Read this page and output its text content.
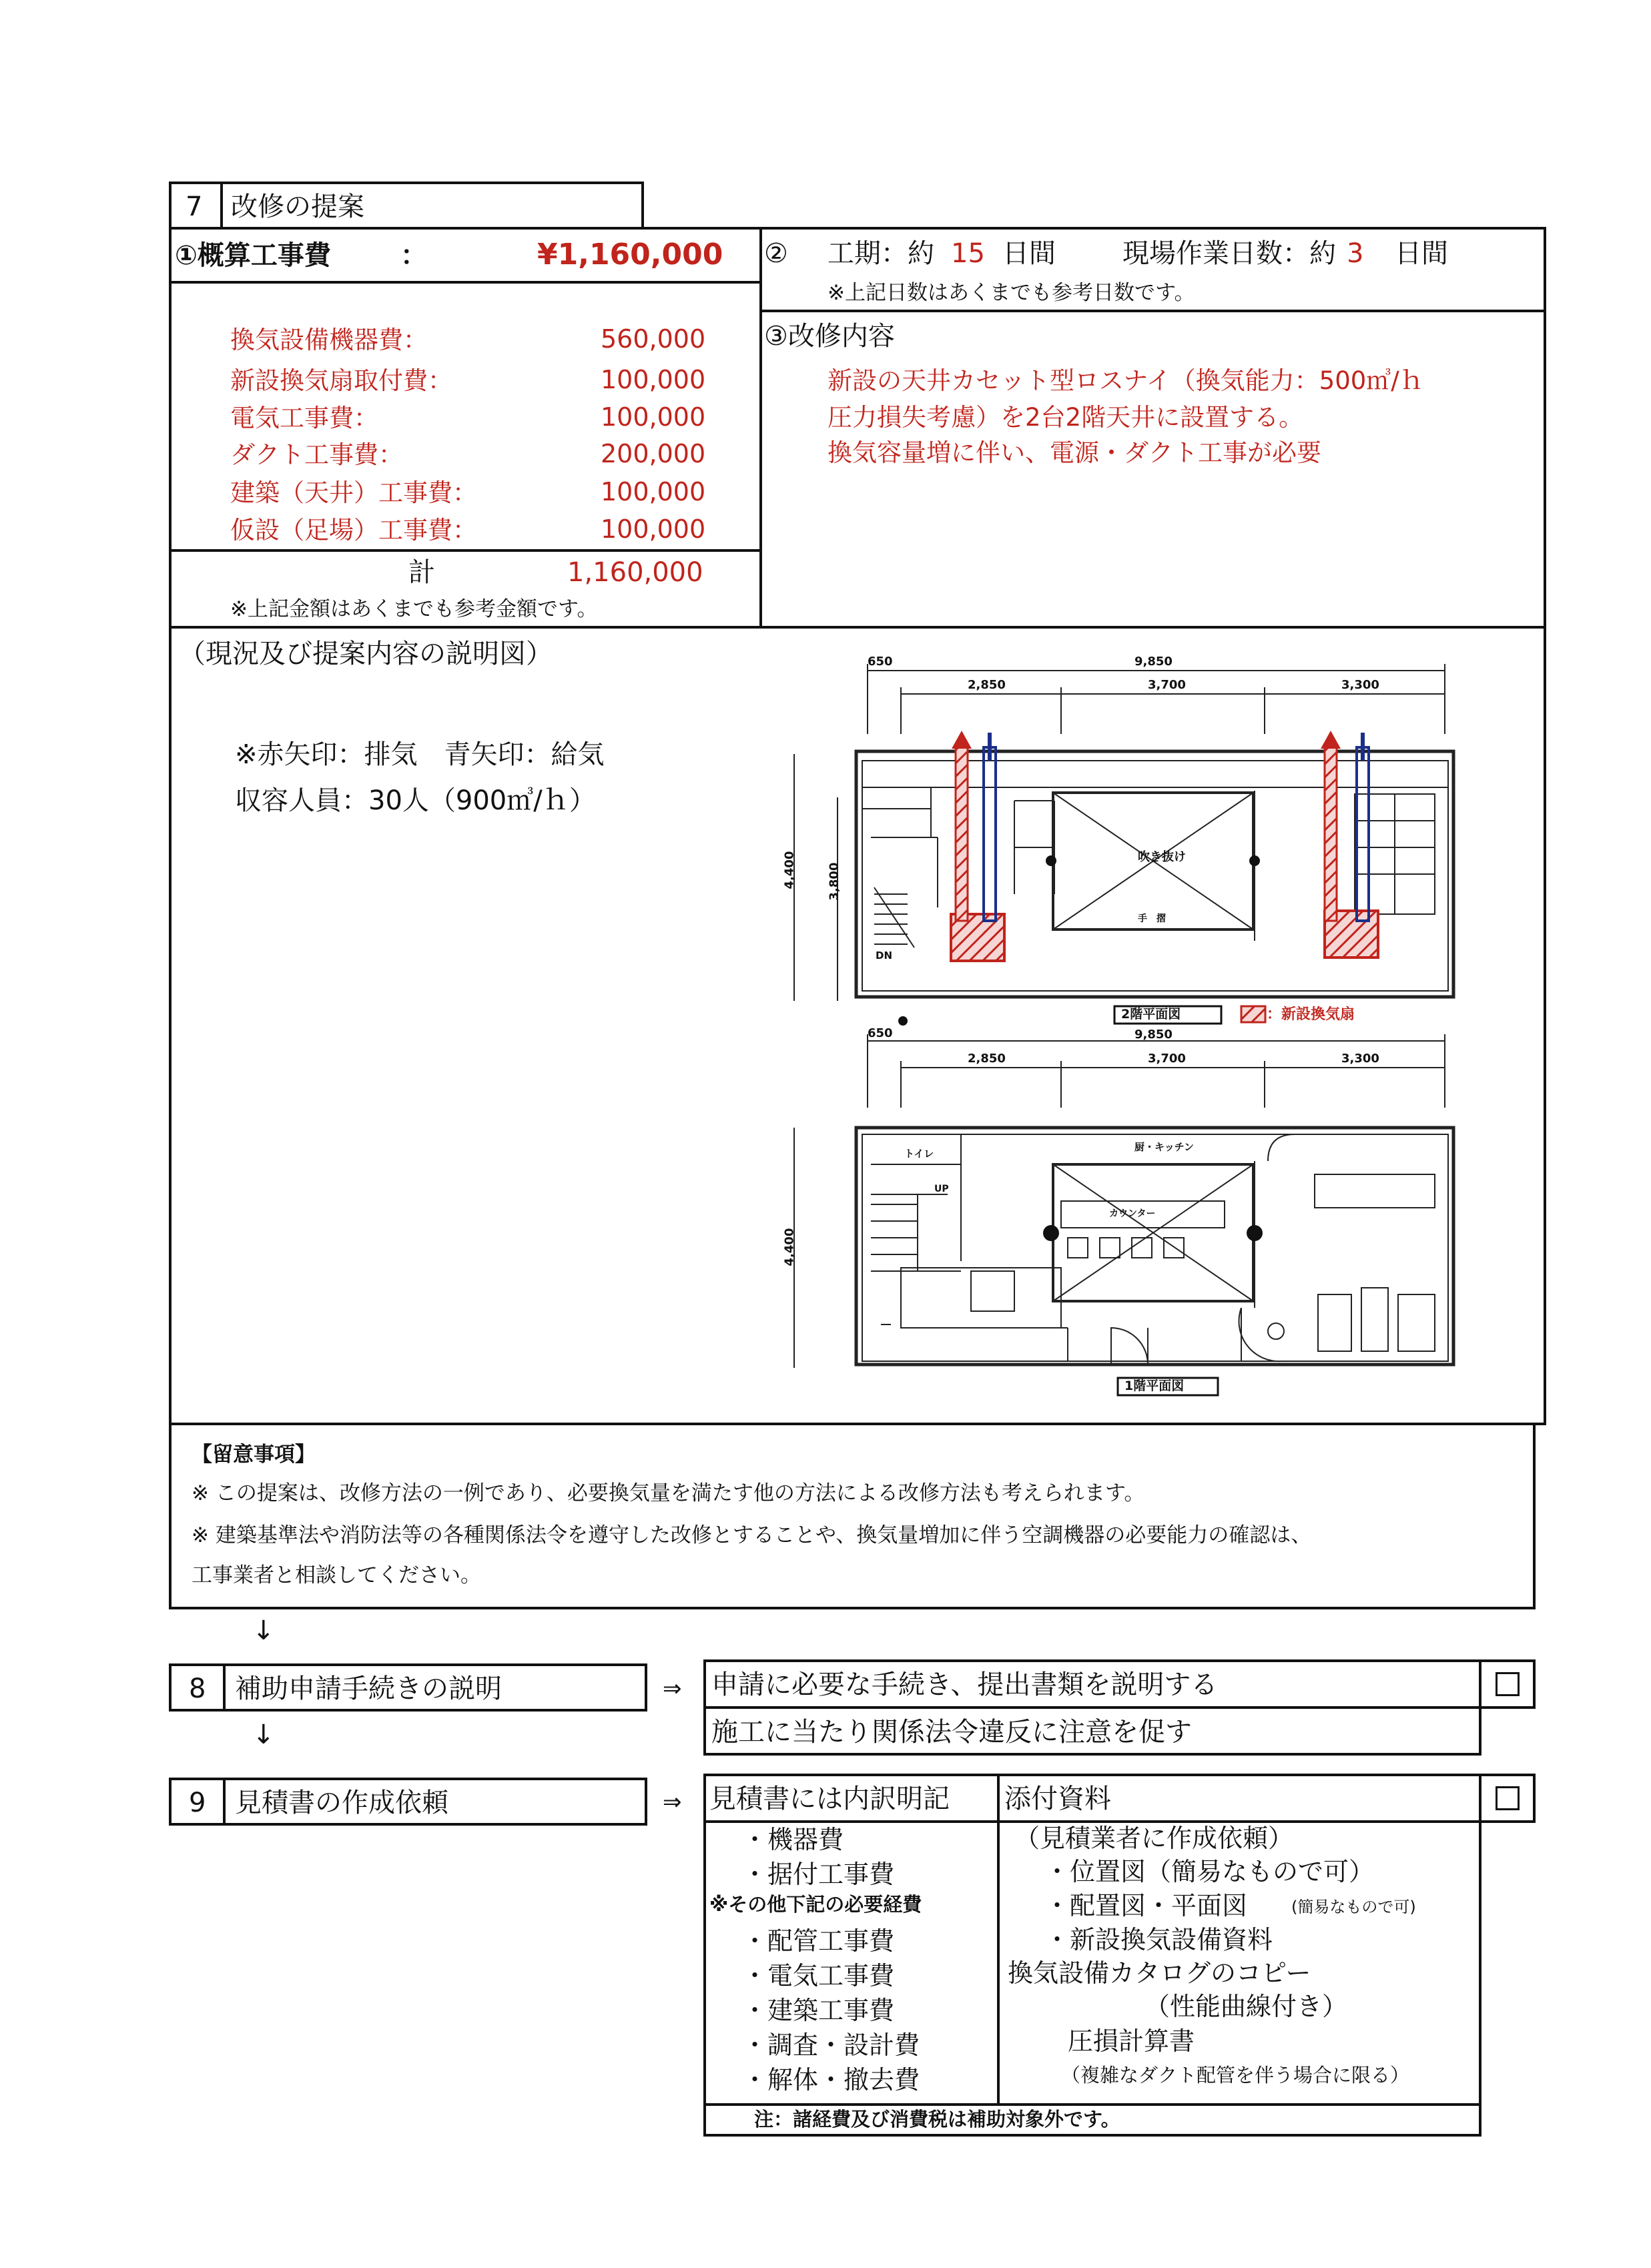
7 改修の提案
①概算工事費	：	¥1,160,000
換気設備機器費：	560,000
新設換気扇取付費：	100,000
電気工事費：	100,000
ダクト工事費：	200,000
建築（天井）工事費：	100,000
仮設（足場）工事費：	100,000
計	1,160,000
※上記金額はあくまでも参考金額です。
② 工期：約 15 日間	現場作業日数：約 3 日間
※上記日数はあくまでも参考日数です。
③改修内容
新設の天井カセット型ロスナイ（換気能力：500㎥/ｈ
圧力損失考慮）を2台2階天井に設置する。
換気容量増に伴い、電源・ダクト工事が必要
（現況及び提案内容の説明図）
※赤矢印：排気　青矢印：給気
収容人員：30人（900㎥/ｈ）
650	9,850
2,850	3,700	3,300
4,400	3,800
吹き抜け
手　摺
DN
2階平面図	：新設換気扇
650	9,850
2,850	3,700	3,300
4,400
トイレ
厨・キッチン
カウンター
UP
1階平面図
【留意事項】
※ この提案は、改修方法の一例であり、必要換気量を満たす他の方法による改修方法も考えられます。
※ 建築基準法や消防法等の各種関係法令を遵守した改修とすることや、換気量増加に伴う空調機器の必要能力の確認は、
工事業者と相談してください。
↓
8 補助申請手続きの説明	⇒ 申請に必要な手続き、提出書類を説明する
施工に当たり関係法令違反に注意を促す
↓
9 見積書の作成依頼	⇒ 見積書には内訳明記 添付資料
・機器費
・据付工事費
※その他下記の必要経費
・配管工事費
・電気工事費
・建築工事費
・調査・設計費
・解体・撤去費
（見積業者に作成依頼）
・位置図（簡易なもので可）
・配置図・平面図	(簡易なもので可)
・新設換気設備資料
換気設備カタログのコピー
（性能曲線付き）
圧損計算書
（複雑なダクト配管を伴う場合に限る）
注：諸経費及び消費税は補助対象外です。
